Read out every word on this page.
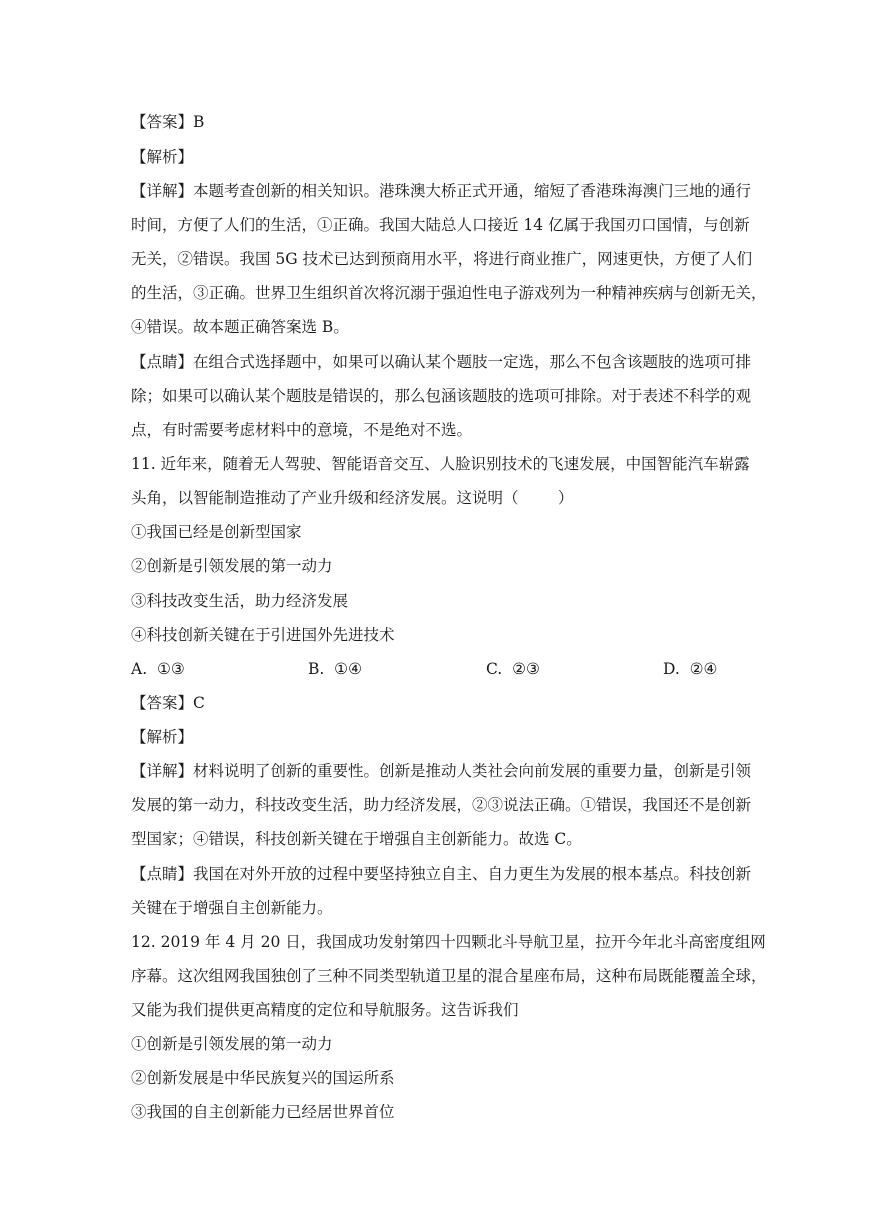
【答案】B
【解析】
【详解】本题考查创新的相关知识。港珠澳大桥正式开通，缩短了香港珠海澳门三地的通行
时间，方便了人们的生活，①正确。我国大陆总人口接近 14 亿属于我国刃口国情，与创新
无关，②错误。我国 5G 技术已达到预商用水平，将进行商业推广，网速更快，方便了人们
的生活，③正确。世界卫生组织首次将沉溺于强迫性电子游戏列为一种精神疾病与创新无关，
④错误。故本题正确答案选 B。
【点睛】在组合式选择题中，如果可以确认某个题肢一定选，那么不包含该题肢的选项可排
除；如果可以确认某个题肢是错误的，那么包涵该题肢的选项可排除。对于表述不科学的观
点，有时需要考虑材料中的意境，不是绝对不选。
11. 近年来，随着无人驾驶、智能语音交互、人脸识别技术的飞速发展，中国智能汽车崭露
头角，以智能制造推动了产业升级和经济发展。这说明（        ）
①我国已经是创新型国家
②创新是引领发展的第一动力
③科技改变生活，助力经济发展
④科技创新关键在于引进国外先进技术
A.  ①③	B.  ①④	C.  ②③	D.  ②④
【答案】C
【解析】
【详解】材料说明了创新的重要性。创新是推动人类社会向前发展的重要力量，创新是引领
发展的第一动力，科技改变生活，助力经济发展，②③说法正确。①错误，我国还不是创新
型国家；④错误，科技创新关键在于增强自主创新能力。故选 C。
【点睛】我国在对外开放的过程中要坚持独立自主、自力更生为发展的根本基点。科技创新
关键在于增强自主创新能力。
12. 2019 年 4 月 20 日，我国成功发射第四十四颗北斗导航卫星，拉开今年北斗高密度组网
序幕。这次组网我国独创了三种不同类型轨道卫星的混合星座布局，这种布局既能覆盖全球，
又能为我们提供更高精度的定位和导航服务。这告诉我们
①创新是引领发展的第一动力
②创新发展是中华民族复兴的国运所系
③我国的自主创新能力已经居世界首位
